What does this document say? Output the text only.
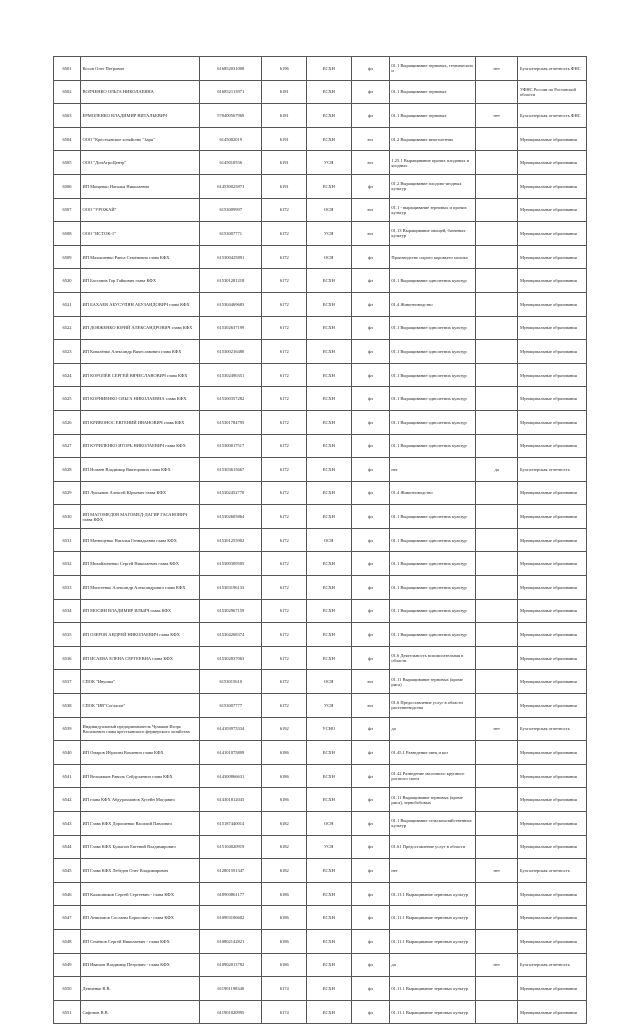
6501	Косов Олег Петрович	616852031008	6196	ЕСХН	фл	01.1 Выращивание зерновых, технических и	нет	Бухгалтерская отчетность ФНС
6502	ВОЛЧЕНКО ОЛЬГА НИКОЛАЕВНА	616852113971	6181	ЕСХН	фл	01.1 Выращивание зерновых		УФНС России по Ростовской области
6503	ЕРМОЛЕНКО ВЛАДИМИР ВИТАЛЬЕВИЧ	570400567969	6181	ЕСХН	фл	01.1 Выращивание зерновых	нет	Бухгалтерская отчетность ФНС
6504	ООО "Крестьянское хозяйство "Заря"	6145002019	6191	ЕСХН	юл	01.2 Выращивание многолетних		Муниципальные образования
6505	ООО "ДонАгроЦентр"	6145010556	6191	УСН	юл	1.25.1 Выращивание прочих плодовых и ягодных		Муниципальные образования
6506	ИП Мищенко Наталья Николаевна	614530025871	6191	ЕСХН	фл	01.2 Выращивание плодово-ягодных культур		Муниципальные образования
6507	ООО "УРОЖАЙ"	6153009997	6172	ОСН	юл	01.1 - выращивание зерновых и прочих культур		Муниципальные образования
6508	ООО "ИСТОК-1"	6153007771	6172	УСН	юл	01.13 Выращивание овощей, бахчевых культур		Муниципальные образования
6509	ИП Малышенко Раиса Семеновна глава КФХ	615300425891	6172	ОСН	фл	Производство сырого коровьего молока		Муниципальные образования
6520	ИП Бастанов Гор Гайкович глава КФХ	615301281218	6172	ЕСХН	фл	01.1 Выращивание однолетних культур		Муниципальные образования
6521	ИП БАХАЕВ АБУСУПЯН АБУЗАИДОВИЧ глава КФХ	615304469683	6172	ЕСХН	фл	01.4 Животноводство		Муниципальные образования
6522	ИП ДОВЖЕНКО ЮРИЙ АЛЕКСАНДРОВИЧ глава КФХ	615302637199	6172	ЕСХН	фл	01.1 Выращивание однолетних культур		Муниципальные образования
6523	ИП Ковалёнко Александр Вячеславович глава КФХ	615300216480	6172	ЕСХН	фл	01.1 Выращивание однолетних культур		Муниципальные образования
6524	ИП КОРОЛЁВ СЕРГЕЙ ВЯЧЕСЛАВОВИЧ глава КФХ	615302490351	6172	ЕСХН	фл	01.1 Выращивание однолетних культур		Муниципальные образования
6525	ИП КОРНИЕНКО ОЛЬГА НИКОЛАЕВНА глава КФХ	615300357282	6172	ЕСХН	фл	01.1 Выращивание однолетних культур		Муниципальные образования
6526	ИП КРИВОНОС ЕВГЕНИЙ ИВАНОВИЧ глава КФХ	615301784795	6172	ЕСХН	фл	01.1 Выращивание однолетних культур		Муниципальные образования
6527	ИП КУРИЛЕНКО ИГОРЬ НИКОЛАЕВИЧ глава КФХ	615300017517	6172	ЕСХН	фл	01.1 Выращивание однолетних культур		Муниципальные образования
6528	ИП Исмаев Владимир Викторович глава КФХ	615303615667	6172	ЕСХН	фл	нет	да	Бухгалтерская отчетность
6529	ИП Лукьянов Алексей Юрьевич глава КФХ	615302452770	6172	ЕСХН	фл	01.4 Животноводство		Муниципальные образования
6530	ИП МАГОМЕДОВ МАГОМЕД-ДАГИР ГАСАНОВИЧ глава КФХ	615302605864	6172	ЕСХН	фл	01.1 Выращивание однолетних культур		Муниципальные образования
6531	ИП Матющенко Наталья Геннадьевна глава КФХ	615301255902	6172	ОСН	фл	01.1 Выращивание однолетних культур		Муниципальные образования
6532	ИП Михайличенко Сергей Николаевич глава КФХ	615300309505	6172	ЕСХН	фл	01.1 Выращивание однолетних культур		Муниципальные образования
6533	ИП Моисеенко Александр Александрович глава КФХ	615303196133	6172	ЕСХН	фл	01.1 Выращивание однолетних культур		Муниципальные образования
6534	ИП МОСИН ВЛАДИМИР ИЛЬИЧ глава КФХ	615302967159	6172	ЕСХН	фл	01.1 Выращивание однолетних культур		Муниципальные образования
6535	ИП ОЗЕРОВ АНДРЕЙ НИКОЛАЕВИЧ глава КФХ	615304268374	6172	ЕСХН	фл	01.1 Выращивание однолетних культур		Муниципальные образования
6536	ИП ИСАЕВА ЕЛЕНА СЕРГЕЕВНА глава КФХ	615302837063	6172	ЕСХН	фл	01.6 Деятельность вспомогательная в области		Муниципальные образования
6537	СПОК "Ивушка"	6153015610	6172	ОСН	юл	01.11 Выращивание зерновых (кроме риса)		Муниципальные образования
6538	СПОК "ИВ"Согласие"	6153007777	6172	УСН	юл	01.6 Предоставление услуг в области растениеводства		Муниципальные образования
6539	Индивидуальный предприниматель Чумаков Игорь Васильевич глава крестьянского фермерского хозяйства	614103975334	6192	УСНО	фл	да	нет	Бухгалтерская отчетность
6540	ИП Омаров Ибрагим Вахаевич глава КФХ	614101075809	6186	ЕСХН	фл	01.45.1 Разведение овец и коз		Муниципальные образования
6541	ИП Вельмаков Равиль Сейдулаевич глава КФХ	614300866631	6186	ЕСХН	фл	01.42 Разведение молочного крупного рогатого скота		Муниципальные образования
6542	ИП глава КФХ Абдурахманов Хусейн Магдавич	614301812043	6186	ЕСХН	фл	01.11 Выращивание зерновых (кроме риса), зернобобовых		Муниципальные образования
6543	ИП Глава КФХ Дорошенко Василий Павлович	615187440014	6182	ОСН	фл	01.1 Выращивание сельскохозяйственных культур		Муниципальные образования
6544	ИП Глава КФХ Булыгин Евгений Владимирович	615104020919	6182	УСН	фл	01.61 Предоставление услуг в области		Муниципальные образования
6545	ИП Глава КФХ Лебедев Олег Владимирович	612801591347	6182	ЕСХН	фл	нет	нет	Бухгалтерская отчетность
6546	ИП Калашников Сергей Сергеевич - глава КФХ	610903861177	6186	ЕСХН	фл	01.11.1 Выращивание зерновых культур		Муниципальные образования
6547	ИП Анисимов Сосланы Борисович - глава КФХ	610903106602	6186	ЕСХН	фл	01.11.1 Выращивание зерновых культур		Муниципальные образования
6548	ИП Семёнов Сергей Николаевич - глава КФХ	610802142821	6186	ЕСХН	фл	01.11.1 Выращивание зерновых культур		Муниципальные образования
6549	ИП Ивашов Владимир Петрович - глава КФХ	610902013782	6186	ЕСХН	фл	да	нет	Бухгалтерская отчетность
6550	Демченко В.В.	611901198340	6174	ЕСХН	фл	01.11.1 Выращивание зерновых культур		Муниципальные образования
6551	Сафонов В.В.	611901020995	6174	ЕСХН	фл	01.11.1 Выращивание зерновых культур		Муниципальные образования
